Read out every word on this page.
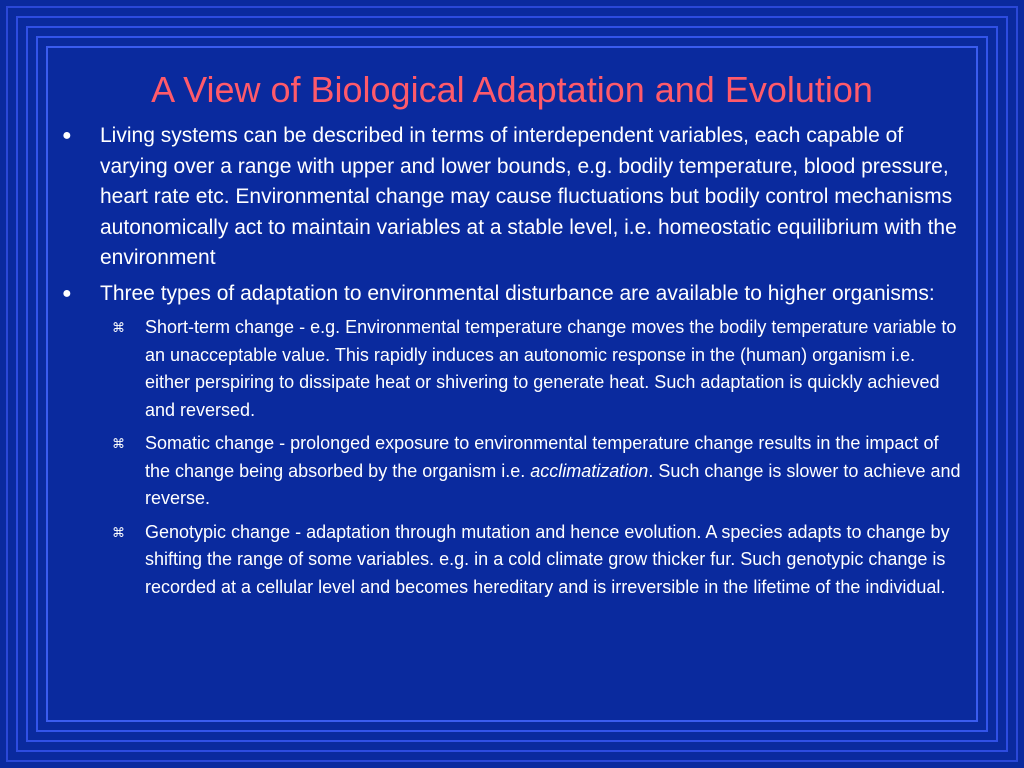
A View of Biological Adaptation and Evolution
●	Living systems can be described in terms of interdependent variables, each capable of varying over a range with upper and lower bounds, e.g. bodily temperature, blood pressure, heart rate etc. Environmental change may cause fluctuations but bodily control mechanisms autonomically act to maintain variables at a stable level, i.e. homeostatic equilibrium with the environment
●	Three types of adaptation to environmental disturbance are available to higher organisms:
⌘	Short-term change - e.g. Environmental temperature change moves the bodily temperature variable to an unacceptable value. This rapidly induces an autonomic response in the (human) organism i.e. either perspiring to dissipate heat or shivering to generate heat. Such adaptation is quickly achieved and reversed.
⌘	Somatic change - prolonged exposure to environmental temperature change results in the impact of the change being absorbed by the organism i.e. acclimatization. Such change is slower to achieve and reverse.
⌘	Genotypic change - adaptation through mutation and hence evolution. A species adapts to change by shifting the range of some variables. e.g. in a cold climate grow thicker fur. Such genotypic change is recorded at a cellular level and becomes hereditary and is irreversible in the lifetime of the individual.
